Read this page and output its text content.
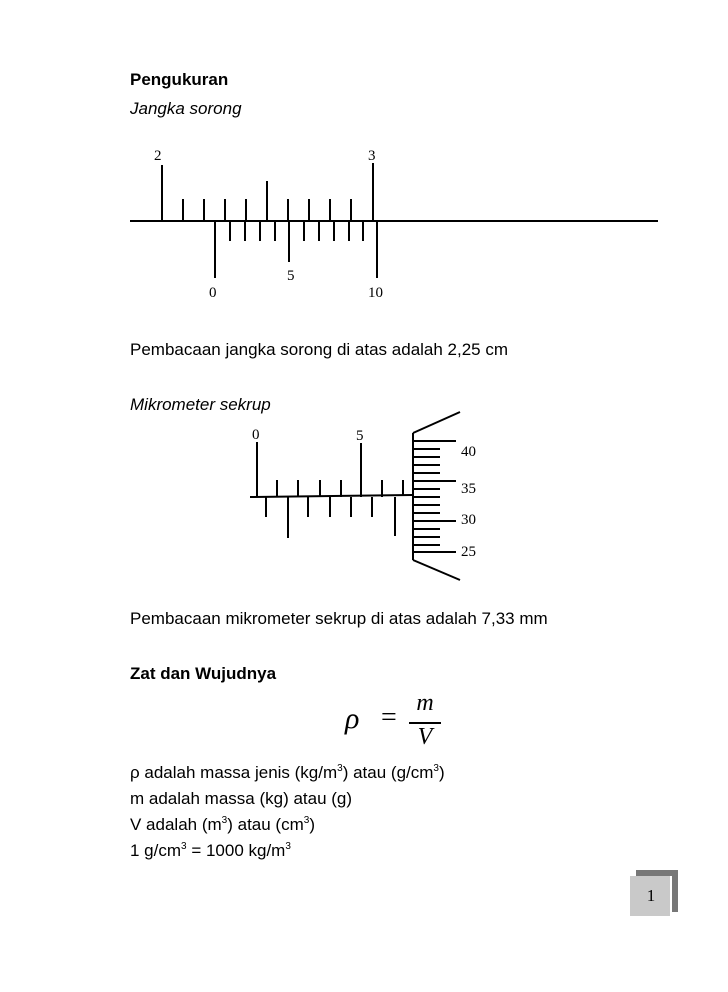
Pengukuran
Jangka sorong
2	3
0
5
10
Pembacaan jangka sorong di atas adalah 2,25 cm
Mikrometer sekrup
0	5
40
35
30
25
Pembacaan mikrometer sekrup di atas adalah 7,33 mm
Zat dan Wujudnya
ρ = m
V
ρ adalah massa jenis $(kg/m^3)$ atau $(g/cm^3)$
m adalah massa (kg) atau (g)
V adalah $(m^3)$ atau $(cm^3)$
1 $g/cm^3 = 1000$ $kg/m^3$
1
